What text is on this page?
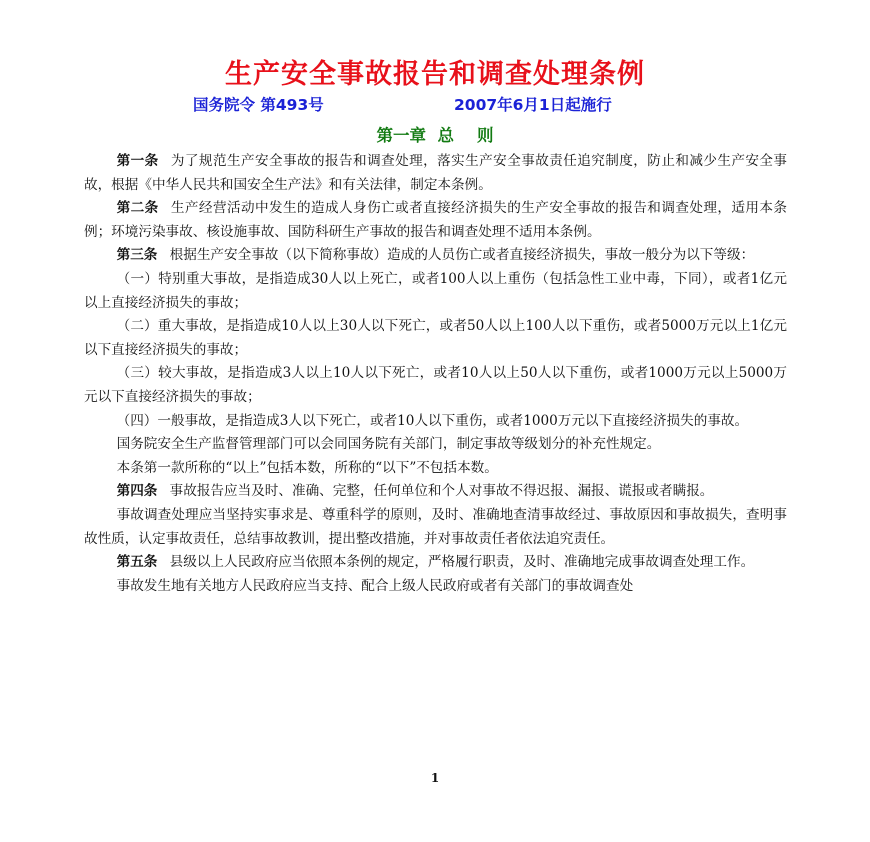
生产安全事故报告和调查处理条例
国务院令 第493号	2007年6月1日起施行
第一章  总    则

第一条 为了规范生产安全事故的报告和调查处理，落实生产安全事故责任追究制度，防止和减少生产安全事故，根据《中华人民共和国安全生产法》和有关法律，制定本条例。

第二条 生产经营活动中发生的造成人身伤亡或者直接经济损失的生产安全事故的报告和调查处理，适用本条例；环境污染事故、核设施事故、国防科研生产事故的报告和调查处理不适用本条例。

第三条 根据生产安全事故（以下简称事故）造成的人员伤亡或者直接经济损失，事故一般分为以下等级：

（一）特别重大事故，是指造成30人以上死亡，或者100人以上重伤（包括急性工业中毒，下同），或者1亿元以上直接经济损失的事故；

（二）重大事故，是指造成10人以上30人以下死亡，或者50人以上100人以下重伤，或者5000万元以上1亿元以下直接经济损失的事故；

（三）较大事故，是指造成3人以上10人以下死亡，或者10人以上50人以下重伤，或者1000万元以上5000万元以下直接经济损失的事故；

（四）一般事故，是指造成3人以下死亡，或者10人以下重伤，或者1000万元以下直接经济损失的事故。

国务院安全生产监督管理部门可以会同国务院有关部门，制定事故等级划分的补充性规定。

本条第一款所称的“以上”包括本数，所称的“以下”不包括本数。

第四条 事故报告应当及时、准确、完整，任何单位和个人对事故不得迟报、漏报、谎报或者瞒报。

事故调查处理应当坚持实事求是、尊重科学的原则，及时、准确地查清事故经过、事故原因和事故损失，查明事故性质，认定事故责任，总结事故教训，提出整改措施，并对事故责任者依法追究责任。

第五条 县级以上人民政府应当依照本条例的规定，严格履行职责，及时、准确地完成事故调查处理工作。

事故发生地有关地方人民政府应当支持、配合上级人民政府或者有关部门的事故调查处

1
